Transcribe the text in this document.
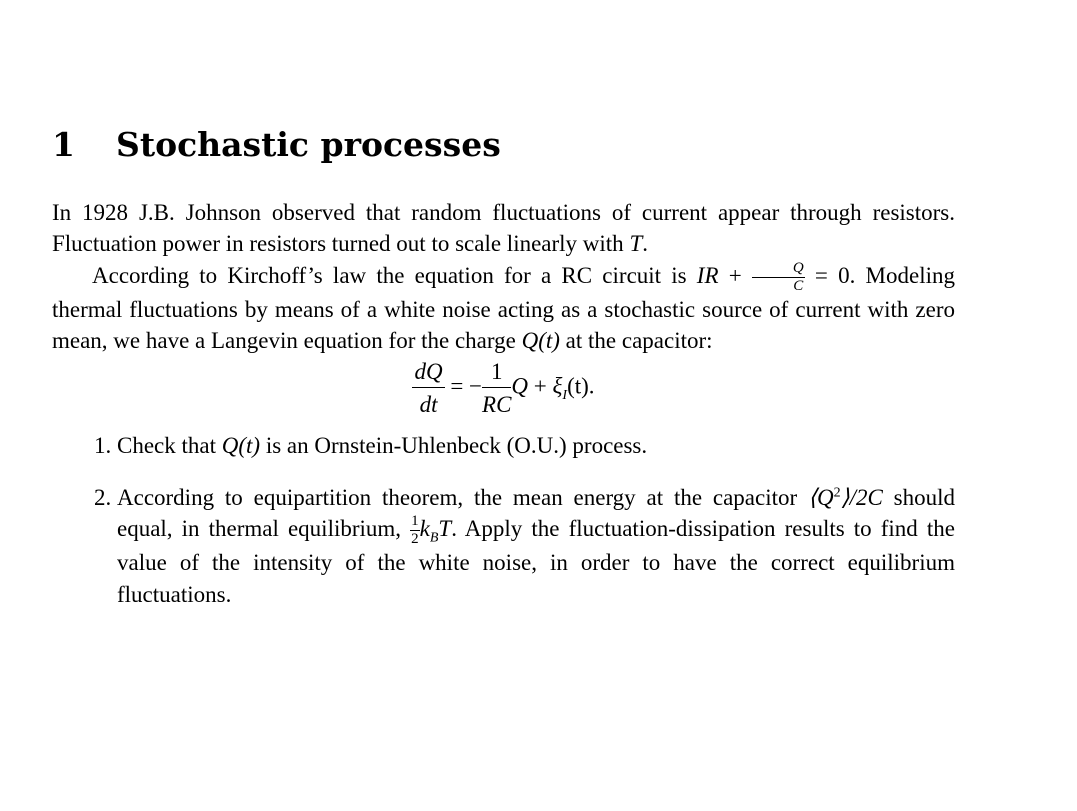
1 Stochastic processes

In 1928 J.B. Johnson observed that random fluctuations of current appear through resistors. Fluctuation power in resistors turned out to scale linearly with T.

According to Kirchoff’s law the equation for a RC circuit is IR + $\frac{Q}{C} = 0$. Modeling thermal fluctuations by means of a white noise acting as a stochastic source of current with zero mean, we have a Langevin equation for the charge Q(t) at the capacitor:

$\frac{dQ}{dt}$ = − $\frac{1}{RC}$ $Q + \xi_I(t)$.
1. Check that Q(t) is an Ornstein-Uhlenbeck (O.U.) process.
2. According to equipartition theorem, the mean energy at the capacitor $⟨Q^2⟩/2C$ should equal, in thermal equilibrium, $\frac{1}{2} k_BT$. Apply the fluctuation-dissipation results to find the value of the intensity of the white noise, in order to have the correct equilibrium fluctuations.
